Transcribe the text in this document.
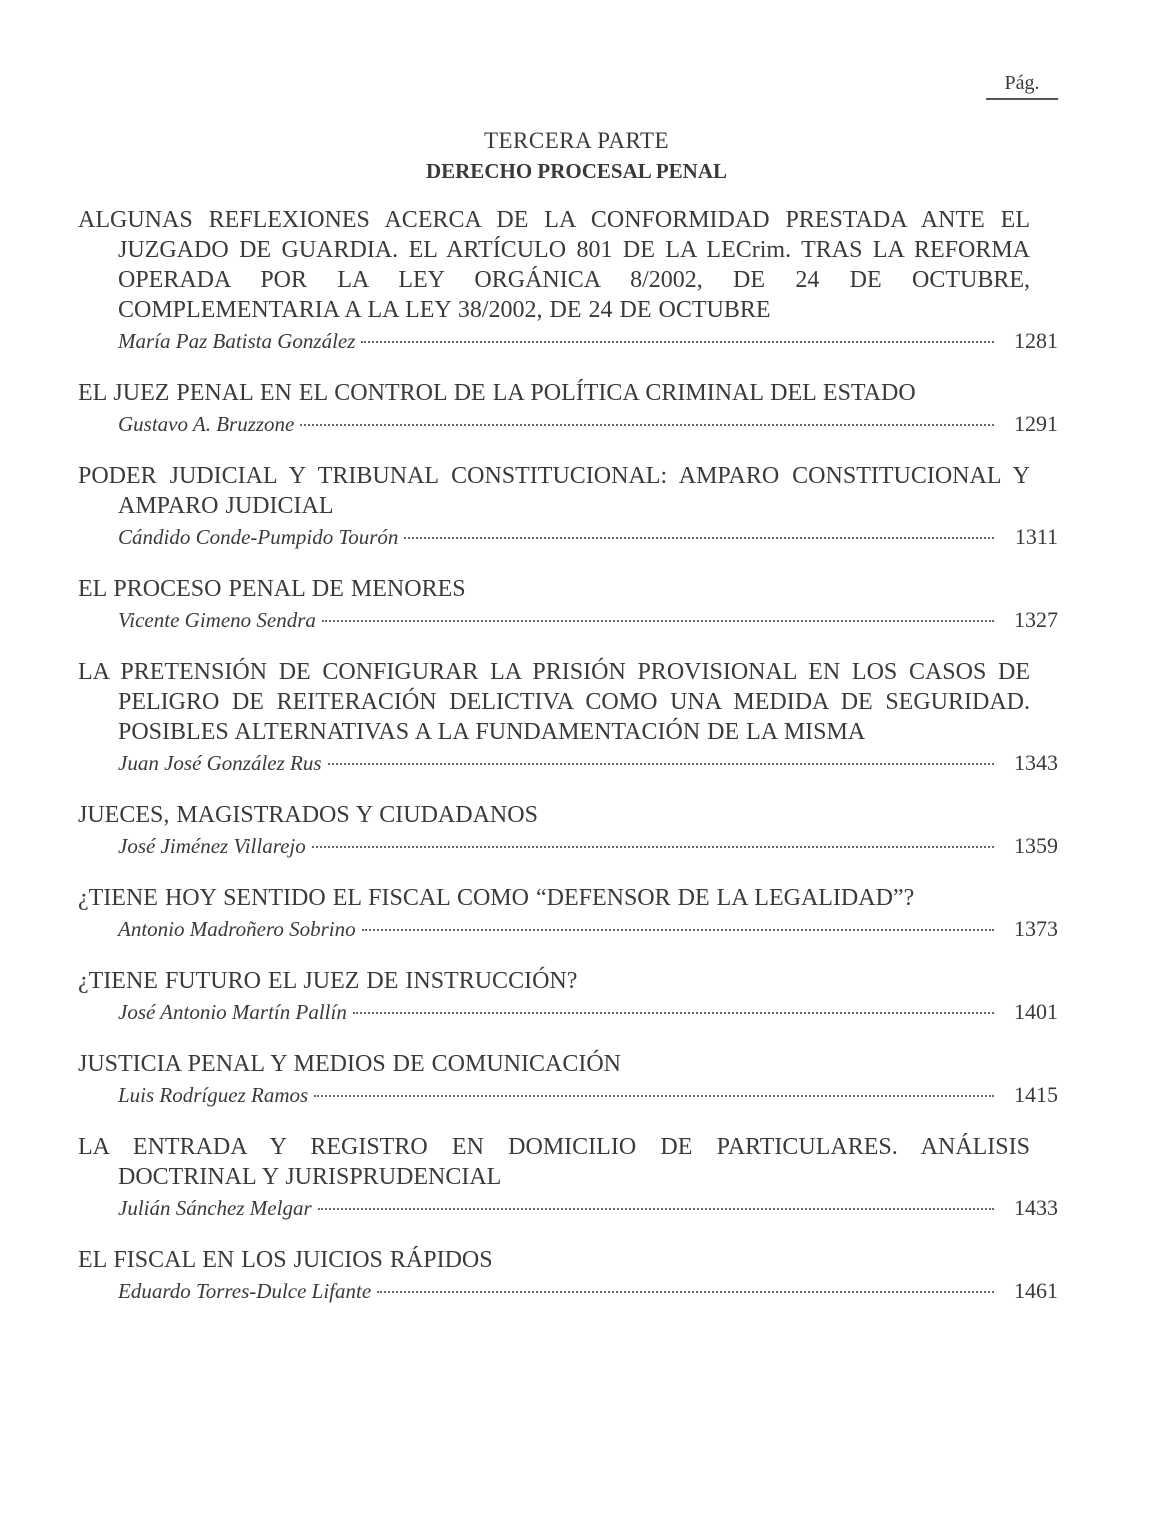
Pág.
TERCERA PARTE
DERECHO PROCESAL PENAL
ALGUNAS REFLEXIONES ACERCA DE LA CONFORMIDAD PRESTADA ANTE EL JUZGADO DE GUARDIA. EL ARTÍCULO 801 DE LA LECrim. TRAS LA REFORMA OPERADA POR LA LEY ORGÁNICA 8/2002, DE 24 DE OCTUBRE, COMPLEMENTARIA A LA LEY 38/2002, DE 24 DE OCTUBRE
María Paz Batista González	1281
EL JUEZ PENAL EN EL CONTROL DE LA POLÍTICA CRIMINAL DEL ESTADO
Gustavo A. Bruzzone	1291
PODER JUDICIAL Y TRIBUNAL CONSTITUCIONAL: AMPARO CONSTITUCIONAL Y AMPARO JUDICIAL
Cándido Conde-Pumpido Tourón	1311
EL PROCESO PENAL DE MENORES
Vicente Gimeno Sendra	1327
LA PRETENSIÓN DE CONFIGURAR LA PRISIÓN PROVISIONAL EN LOS CASOS DE PELIGRO DE REITERACIÓN DELICTIVA COMO UNA MEDIDA DE SEGURIDAD. POSIBLES ALTERNATIVAS A LA FUNDAMENTACIÓN DE LA MISMA
Juan José González Rus	1343
JUECES, MAGISTRADOS Y CIUDADANOS
José Jiménez Villarejo	1359
¿TIENE HOY SENTIDO EL FISCAL COMO “DEFENSOR DE LA LEGALIDAD”?
Antonio Madroñero Sobrino	1373
¿TIENE FUTURO EL JUEZ DE INSTRUCCIÓN?
José Antonio Martín Pallín	1401
JUSTICIA PENAL Y MEDIOS DE COMUNICACIÓN
Luis Rodríguez Ramos	1415
LA ENTRADA Y REGISTRO EN DOMICILIO DE PARTICULARES. ANÁLISIS DOCTRINAL Y JURISPRUDENCIAL
Julián Sánchez Melgar	1433
EL FISCAL EN LOS JUICIOS RÁPIDOS
Eduardo Torres-Dulce Lifante	1461
